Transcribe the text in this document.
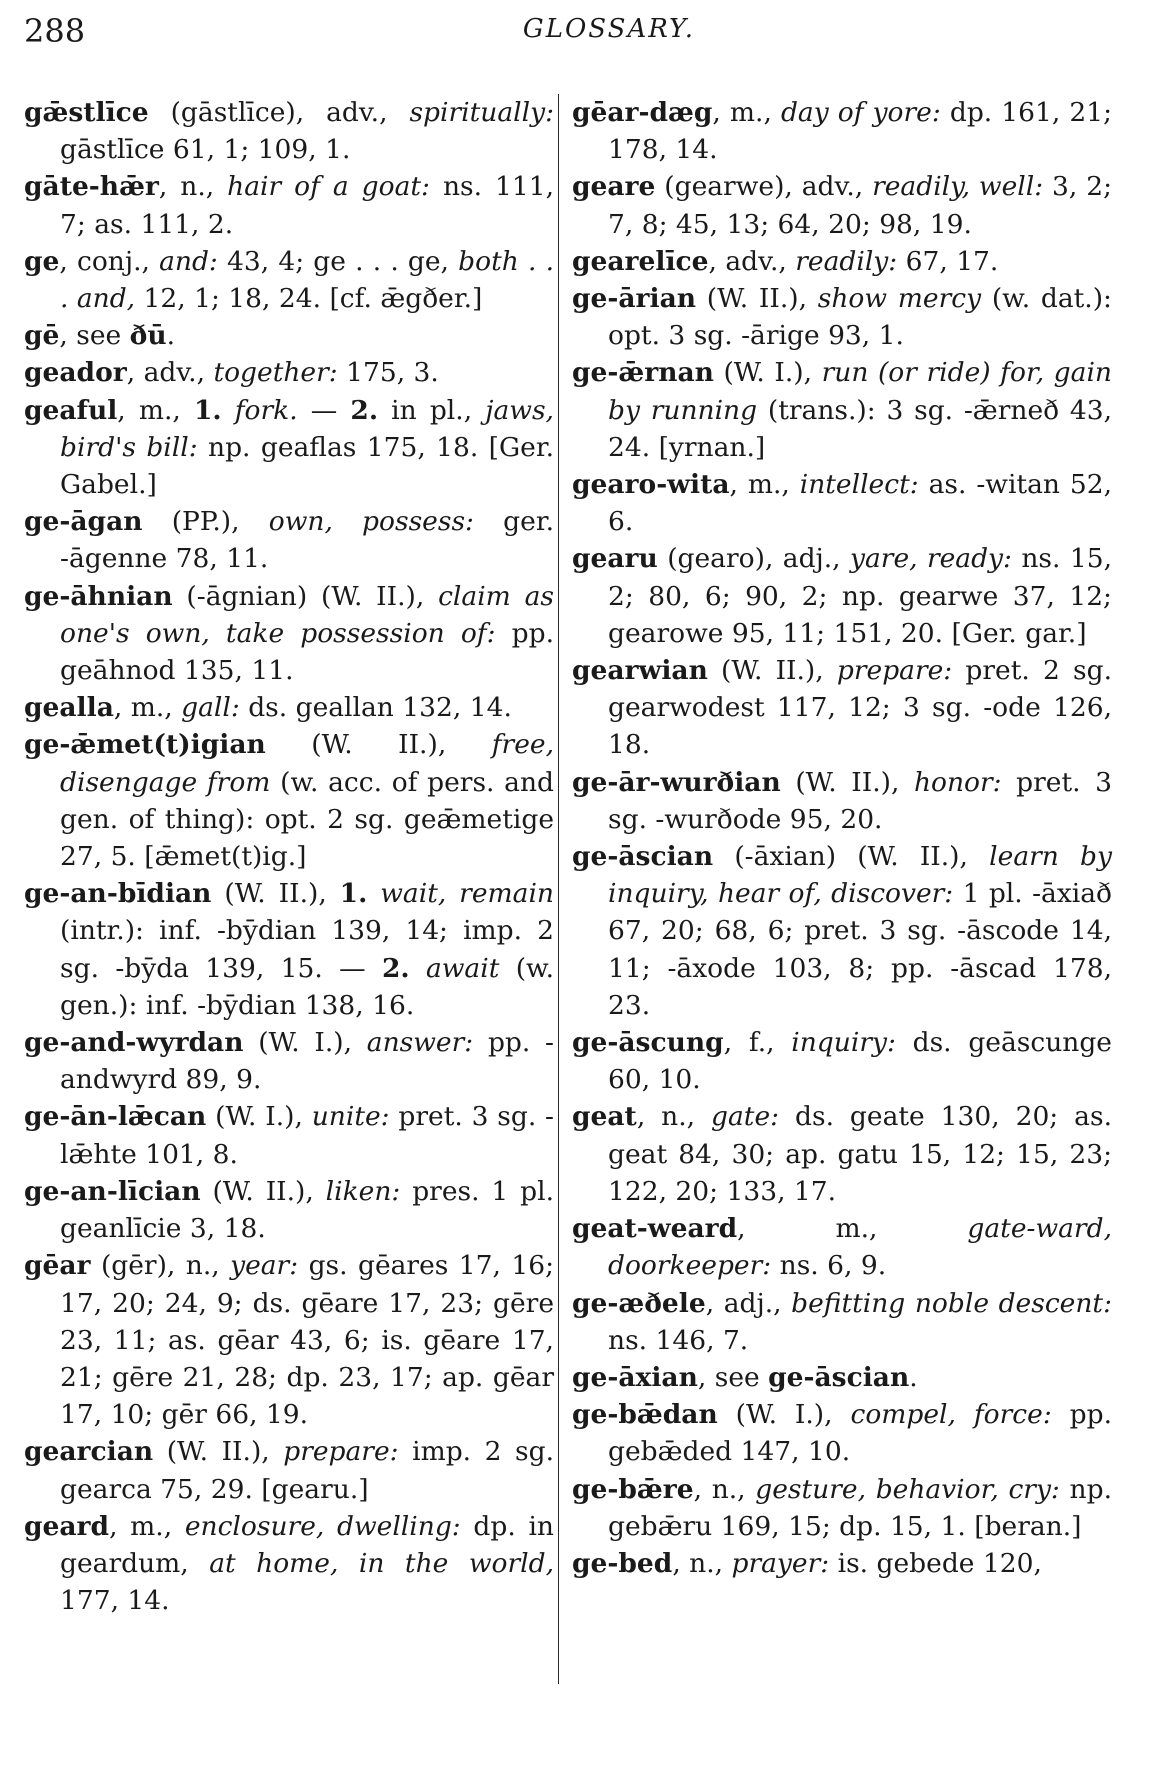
288	GLOSSARY.

gǣstlīce (gāstlīce), adv., spiritually: gāstlīce 61, 1; 109, 1.

gāte-hǣr, n., hair of a goat: ns. 111, 7; as. 111, 2.

ge, conj., and: 43, 4; ge . . . ge, both . . . and, 12, 1; 18, 24. [cf. ǣgðer.]

gē, see ðū.

geador, adv., together: 175, 3.

geaful, m., 1. fork. — 2. in pl., jaws, bird's bill: np. geaflas 175, 18. [Ger. Gabel.]

ge-āgan (PP.), own, possess: ger. -āgenne 78, 11.

ge-āhnian (-āgnian) (W. II.), claim as one's own, take possession of: pp. geāhnod 135, 11.

gealla, m., gall: ds. geallan 132, 14.

ge-ǣmet(t)igian (W. II.), free, disengage from (w. acc. of pers. and gen. of thing): opt. 2 sg. geǣmetige 27, 5. [ǣmet(t)ig.]

ge-an-bīdian (W. II.), 1. wait, remain (intr.): inf. -bȳdian 139, 14; imp. 2 sg. -bȳda 139, 15. — 2. await (w. gen.): inf. -bȳdian 138, 16.

ge-and-wyrdan (W. I.), answer: pp. -andwyrd 89, 9.

ge-ān-lǣcan (W. I.), unite: pret. 3 sg. -lǣhte 101, 8.

ge-an-līcian (W. II.), liken: pres. 1 pl. geanlīcie 3, 18.

gēar (gēr), n., year: gs. gēares 17, 16; 17, 20; 24, 9; ds. gēare 17, 23; gēre 23, 11; as. gēar 43, 6; is. gēare 17, 21; gēre 21, 28; dp. 23, 17; ap. gēar 17, 10; gēr 66, 19.

gearcian (W. II.), prepare: imp. 2 sg. gearca 75, 29. [gearu.]

geard, m., enclosure, dwelling: dp. in geardum, at home, in the world, 177, 14.

gēar-dæg, m., day of yore: dp. 161, 21; 178, 14.

geare (gearwe), adv., readily, well: 3, 2; 7, 8; 45, 13; 64, 20; 98, 19.

gearelīce, adv., readily: 67, 17.

ge-ārian (W. II.), show mercy (w. dat.): opt. 3 sg. -ārige 93, 1.

ge-ǣrnan (W. I.), run (or ride) for, gain by running (trans.): 3 sg. -ǣrneð 43, 24. [yrnan.]

gearo-wita, m., intellect: as. -witan 52, 6.

gearu (gearo), adj., yare, ready: ns. 15, 2; 80, 6; 90, 2; np. gearwe 37, 12; gearowe 95, 11; 151, 20. [Ger. gar.]

gearwian (W. II.), prepare: pret. 2 sg. gearwodest 117, 12; 3 sg. -ode 126, 18.

ge-ār-wurðian (W. II.), honor: pret. 3 sg. -wurðode 95, 20.

ge-āscian (-āxian) (W. II.), learn by inquiry, hear of, discover: 1 pl. -āxiað 67, 20; 68, 6; pret. 3 sg. -āscode 14, 11; -āxode 103, 8; pp. -āscad 178, 23.

ge-āscung, f., inquiry: ds. geāscunge 60, 10.

geat, n., gate: ds. geate 130, 20; as. geat 84, 30; ap. gatu 15, 12; 15, 23; 122, 20; 133, 17.

geat-weard, m., gate-ward, doorkeeper: ns. 6, 9.

ge-æðele, adj., befitting noble descent: ns. 146, 7.

ge-āxian, see ge-āscian.

ge-bǣdan (W. I.), compel, force: pp. gebǣded 147, 10.

ge-bǣre, n., gesture, behavior, cry: np. gebǣru 169, 15; dp. 15, 1. [beran.]

ge-bed, n., prayer: is. gebede 120,
